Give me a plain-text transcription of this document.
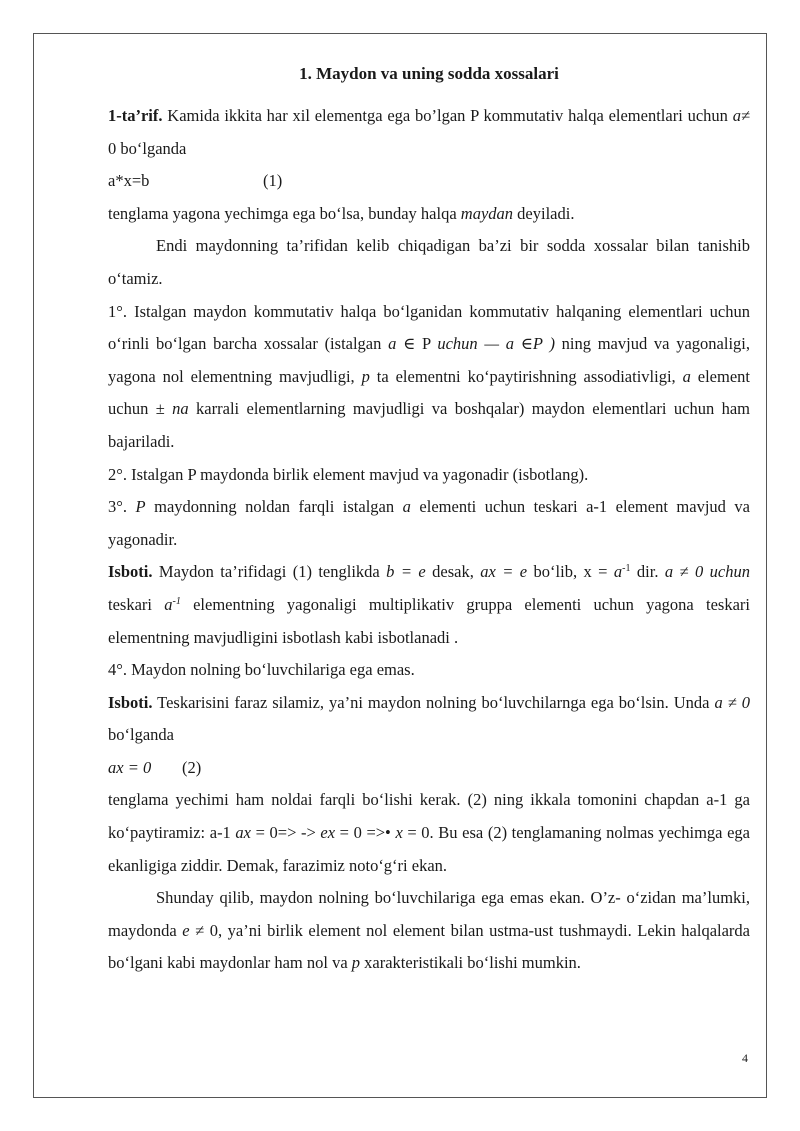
1. Maydon va uning sodda xossalari

1-ta’rif. Kamida ikkita har xil elementga ega bo’lgan P kommutativ halqa elementlari uchun a≠ 0 bo‘lganda

a*x=b	(1)

tenglama yagona yechimga ega bo‘lsa, bunday halqa maydan deyiladi.

Endi maydonning ta’rifidan kelib chiqadigan ba’zi bir sodda xossalar bilan tanishib o‘tamiz.

1°. Istalgan maydon kommutativ halqa bo‘lganidan kommutativ halqaning elementlari uchun o‘rinli bo‘lgan barcha xossalar (istalgan a ∈ P uchun — a ∈P ) ning mavjud va yagonaligi, yagona nol elementning mavjudligi, p ta elementni ko‘paytirishning assodiativligi, a element uchun ± na karrali elementlarning mavjudligi va boshqalar) maydon elementlari uchun ham bajariladi.

2°. Istalgan P maydonda birlik element mavjud va yagonadir (isbotlang).

3°. P maydonning noldan farqli istalgan a elementi uchun teskari a-1 element mavjud va yagonadir.

Isboti. Maydon ta’rifidagi (1) tenglikda b = e desak, ax = e bo‘lib, $x = a^{-1}$ dir. a ≠ 0 uchun teskari $a^{-1}$ elementning yagonaligi multiplikativ gruppa elementi uchun yagona teskari elementning mavjudligini isbotlash kabi isbotlanadi .

4°. Maydon nolning bo‘luvchilariga ega emas.

Isboti. Teskarisini faraz silamiz, ya’ni maydon nolning bo‘luvchilarnga ega bo‘lsin. Unda a ≠ 0 bo‘lganda

ax = 0 (2)

tenglama yechimi ham noldai farqli bo‘lishi kerak. (2) ning ikkala tomonini chapdan a-1 ga ko‘paytiramiz: a-1 ax = 0=> -> ex = 0 =>• x = 0. Bu esa (2) tenglamaning nolmas yechimga ega ekanligiga ziddir. Demak, farazimiz noto‘g‘ri ekan.

Shunday qilib, maydon nolning bo‘luvchilariga ega emas ekan. O’z- o‘zidan ma’lumki, maydonda e ≠ 0, ya’ni birlik element nol element bilan ustma-ust tushmaydi. Lekin halqalarda bo‘lgani kabi maydonlar ham nol va p xarakteristikali bo‘lishi mumkin.

4
